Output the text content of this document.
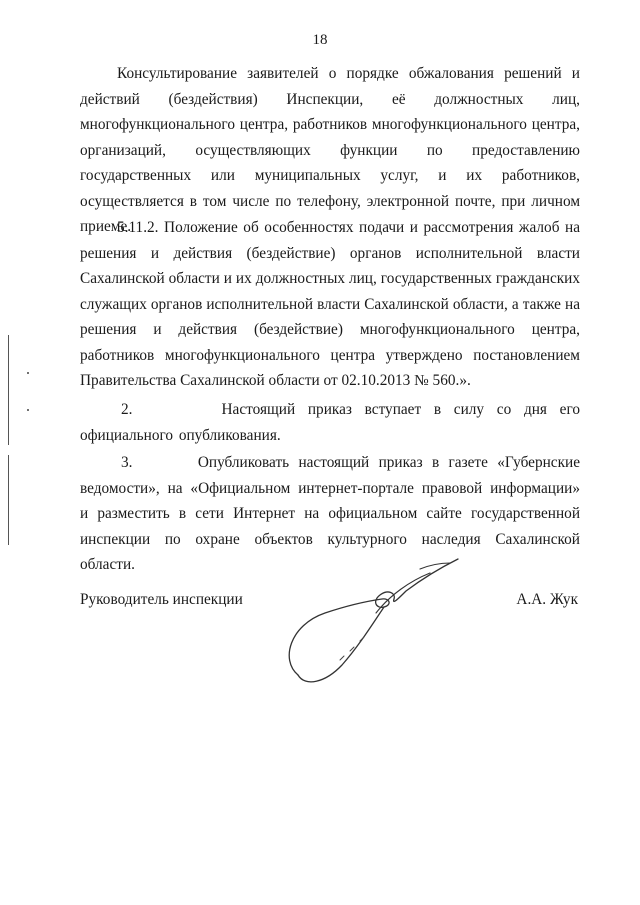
18

Консультирование заявителей о порядке обжалования решений и действий (бездействия) Инспекции, её должностных лиц, многофункционального центра, работников многофункционального центра, организаций, осуществляющих функции по предоставлению государственных или муниципальных услуг, и их работников, осуществляется в том числе по телефону, электронной почте, при личном приеме.

5.11.2. Положение об особенностях подачи и рассмотрения жалоб на решения и действия (бездействие) органов исполнительной власти Сахалинской области и их должностных лиц, государственных гражданских служащих органов исполнительной власти Сахалинской области, а также на решения и действия (бездействие) многофункционального центра, работников многофункционального центра утверждено постановлением Правительства Сахалинской области от 02.10.2013 № 560.».

2.       Настоящий приказ вступает в силу со дня его официального опубликования.

3.       Опубликовать настоящий приказ в газете «Губернские ведомости», на «Официальном интернет-портале правовой информации» и разместить в сети Интернет на официальном сайте государственной инспекции по охране объектов культурного наследия Сахалинской области.

Руководитель инспекции	А.А. Жук
